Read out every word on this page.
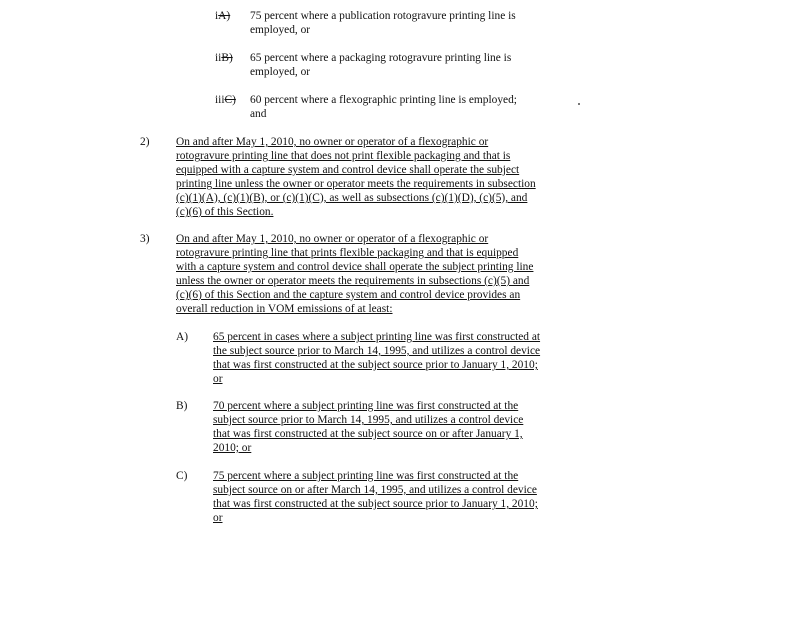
iA) 75 percent where a publication rotogravure printing line is employed, or
iiB) 65 percent where a packaging rotogravure printing line is employed, or
iiiC) 60 percent where a flexographic printing line is employed;
and
2) On and after May 1, 2010, no owner or operator of a flexographic or rotogravure printing line that does not print flexible packaging and that is equipped with a capture system and control device shall operate the subject printing line unless the owner or operator meets the requirements in subsection (c)(1)(A), (c)(1)(B), or (c)(1)(C), as well as subsections (c)(1)(D), (c)(5), and (c)(6) of this Section.
3) On and after May 1, 2010, no owner or operator of a flexographic or rotogravure printing line that prints flexible packaging and that is equipped with a capture system and control device shall operate the subject printing line unless the owner or operator meets the requirements in subsections (c)(5) and (c)(6) of this Section and the capture system and control device provides an overall reduction in VOM emissions of at least:
A) 65 percent in cases where a subject printing line was first constructed at the subject source prior to March 14, 1995, and utilizes a control device that was first constructed at the subject source prior to January 1, 2010; or
B) 70 percent where a subject printing line was first constructed at the subject source prior to March 14, 1995, and utilizes a control device that was first constructed at the subject source on or after January 1, 2010; or
C) 75 percent where a subject printing line was first constructed at the subject source on or after March 14, 1995, and utilizes a control device that was first constructed at the subject source prior to January 1, 2010; or
